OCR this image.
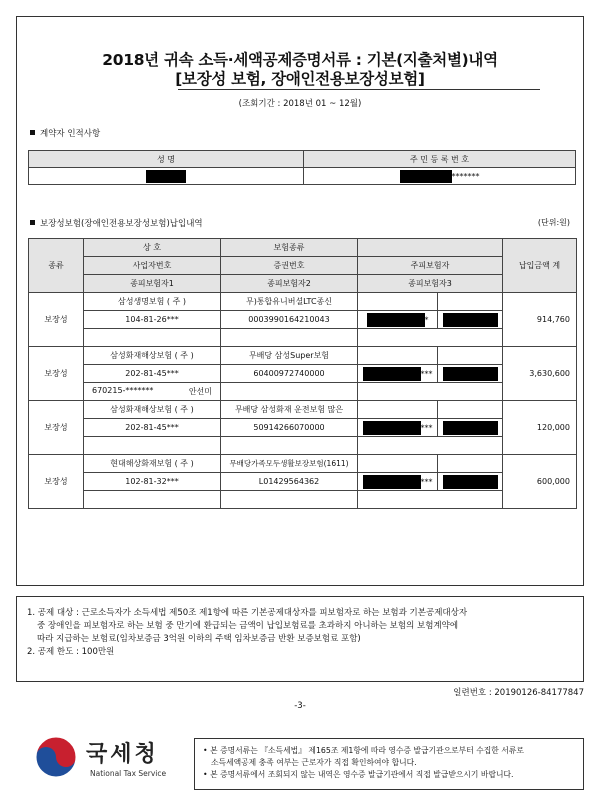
2018년 귀속 소득·세액공제증명서류 : 기본(지출처별)내역
[보장성 보험, 장애인전용보장성보험]
(조회기간 : 2018년 01 ~ 12월)
계약자 인적사항
성 명	주 민 등 록 번 호
	*******
보장성보험(장애인전용보장성보험)납입내역	(단위:원)
종류	상 호	보험종류			납입금액 계
	사업자번호	증권번호	주피보험자		
	종피보험자1	종피보험자2	종피보험자3		
보장성	삼성생명보험 ( 주 )	무)통합유니버셜LTC종신			914,760
	104-81-26***	0003990164210043	*		

보장성	삼성화재해상보험 ( 주 )	무배당 삼성Super보험			3,630,600
	202-81-45***	60400972740000	***		
	670215-******* 안선미				

보장성	삼성화재해상보험 ( 주 )	무배당 삼성화재 운전보험 많은			120,000
	202-81-45***	50914266070000	***		

보장성	현대해상화재보험 ( 주 )	무배당가족모두생활보장보험(1611)			600,000
	102-81-32***	L01429564362	***		

1. 공제 대상 : 근로소득자가 소득세법 제50조 제1항에 따른 기본공제대상자를 피보험자로 하는 보험과 기본공제대상자

중 장애인을 피보험자로 하는 보험 중 만기에 환급되는 금액이 납입보험료를 초과하지 아니하는 보험의 보험계약에

따라 지급하는 보험료(임차보증금 3억원 이하의 주택 임차보증금 반환 보증보험료 포함)

2. 공제 한도 : 100만원

일련번호 : 20190126-84177847
-3-
국세청
National Tax Service

• 본 증명서류는 『소득세법』 제165조 제1항에 따라 영수증 발급기관으로부터 수집한 서류로

소득세액공제 충족 여부는 근로자가 직접 확인하여야 합니다.

• 본 증명서류에서 조회되지 않는 내역은 영수증 발급기관에서 직접 발급받으시기 바랍니다.
